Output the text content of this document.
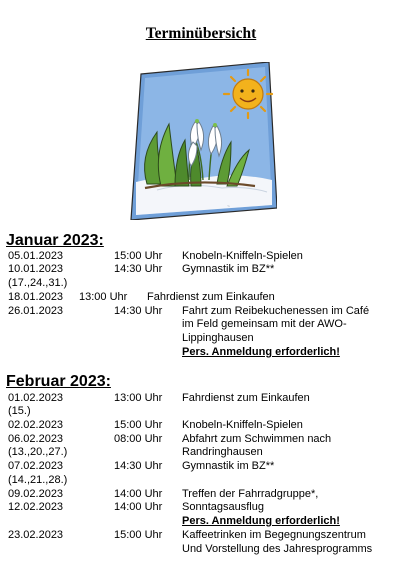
Terminübersicht
~
Januar 2023:
05.01.2023	15:00 Uhr Knobeln-Kniffeln-Spielen
10.01.2023	14:30 Uhr Gymnastik im BZ**
(17.,24.,31.)
18.01.2023 13:00 Uhr Fahrdienst zum Einkaufen
26.01.2023	14:30 Uhr Fahrt zum Reibekuchenessen im Café
im Feld gemeinsam mit der AWO-
Lippinghausen
Pers. Anmeldung erforderlich!
Februar 2023:
01.02.2023	13:00 Uhr Fahrdienst zum Einkaufen
(15.)
02.02.2023	15:00 Uhr Knobeln-Kniffeln-Spielen
06.02.2023	08:00 Uhr Abfahrt zum Schwimmen nach
(13.,20.,27.)	Randringhausen
07.02.2023	14:30 Uhr Gymnastik im BZ**
(14.,21.,28.)
09.02.2023	14:00 Uhr Treffen der Fahrradgruppe*,
12.02.2023	14:00 Uhr Sonntagsausflug
Pers. Anmeldung erforderlich!
23.02.2023	15:00 Uhr Kaffeetrinken im Begegnungszentrum
Und Vorstellung des Jahresprogramms
